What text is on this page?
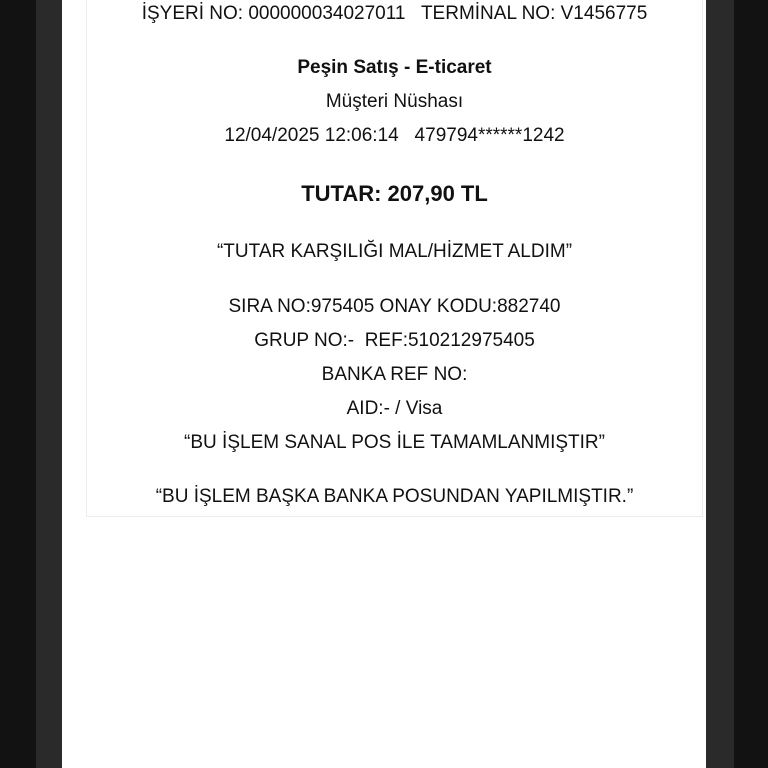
İŞYERİ NO: 000000034027011   TERMİNAL NO: V1456775
Peşin Satış - E-ticaret
Müşteri Nüshası
12/04/2025 12:06:14   479794******1242
TUTAR: 207,90 TL
“TUTAR KARŞILIĞI MAL/HİZMET ALDIM”
SIRA NO:975405 ONAY KODU:882740
GRUP NO:-  REF:510212975405
BANKA REF NO:
AID:- / Visa
“BU İŞLEM SANAL POS İLE TAMAMLANMIŞTIR”
“BU İŞLEM BAŞKA BANKA POSUNDAN YAPILMIŞTIR.”
